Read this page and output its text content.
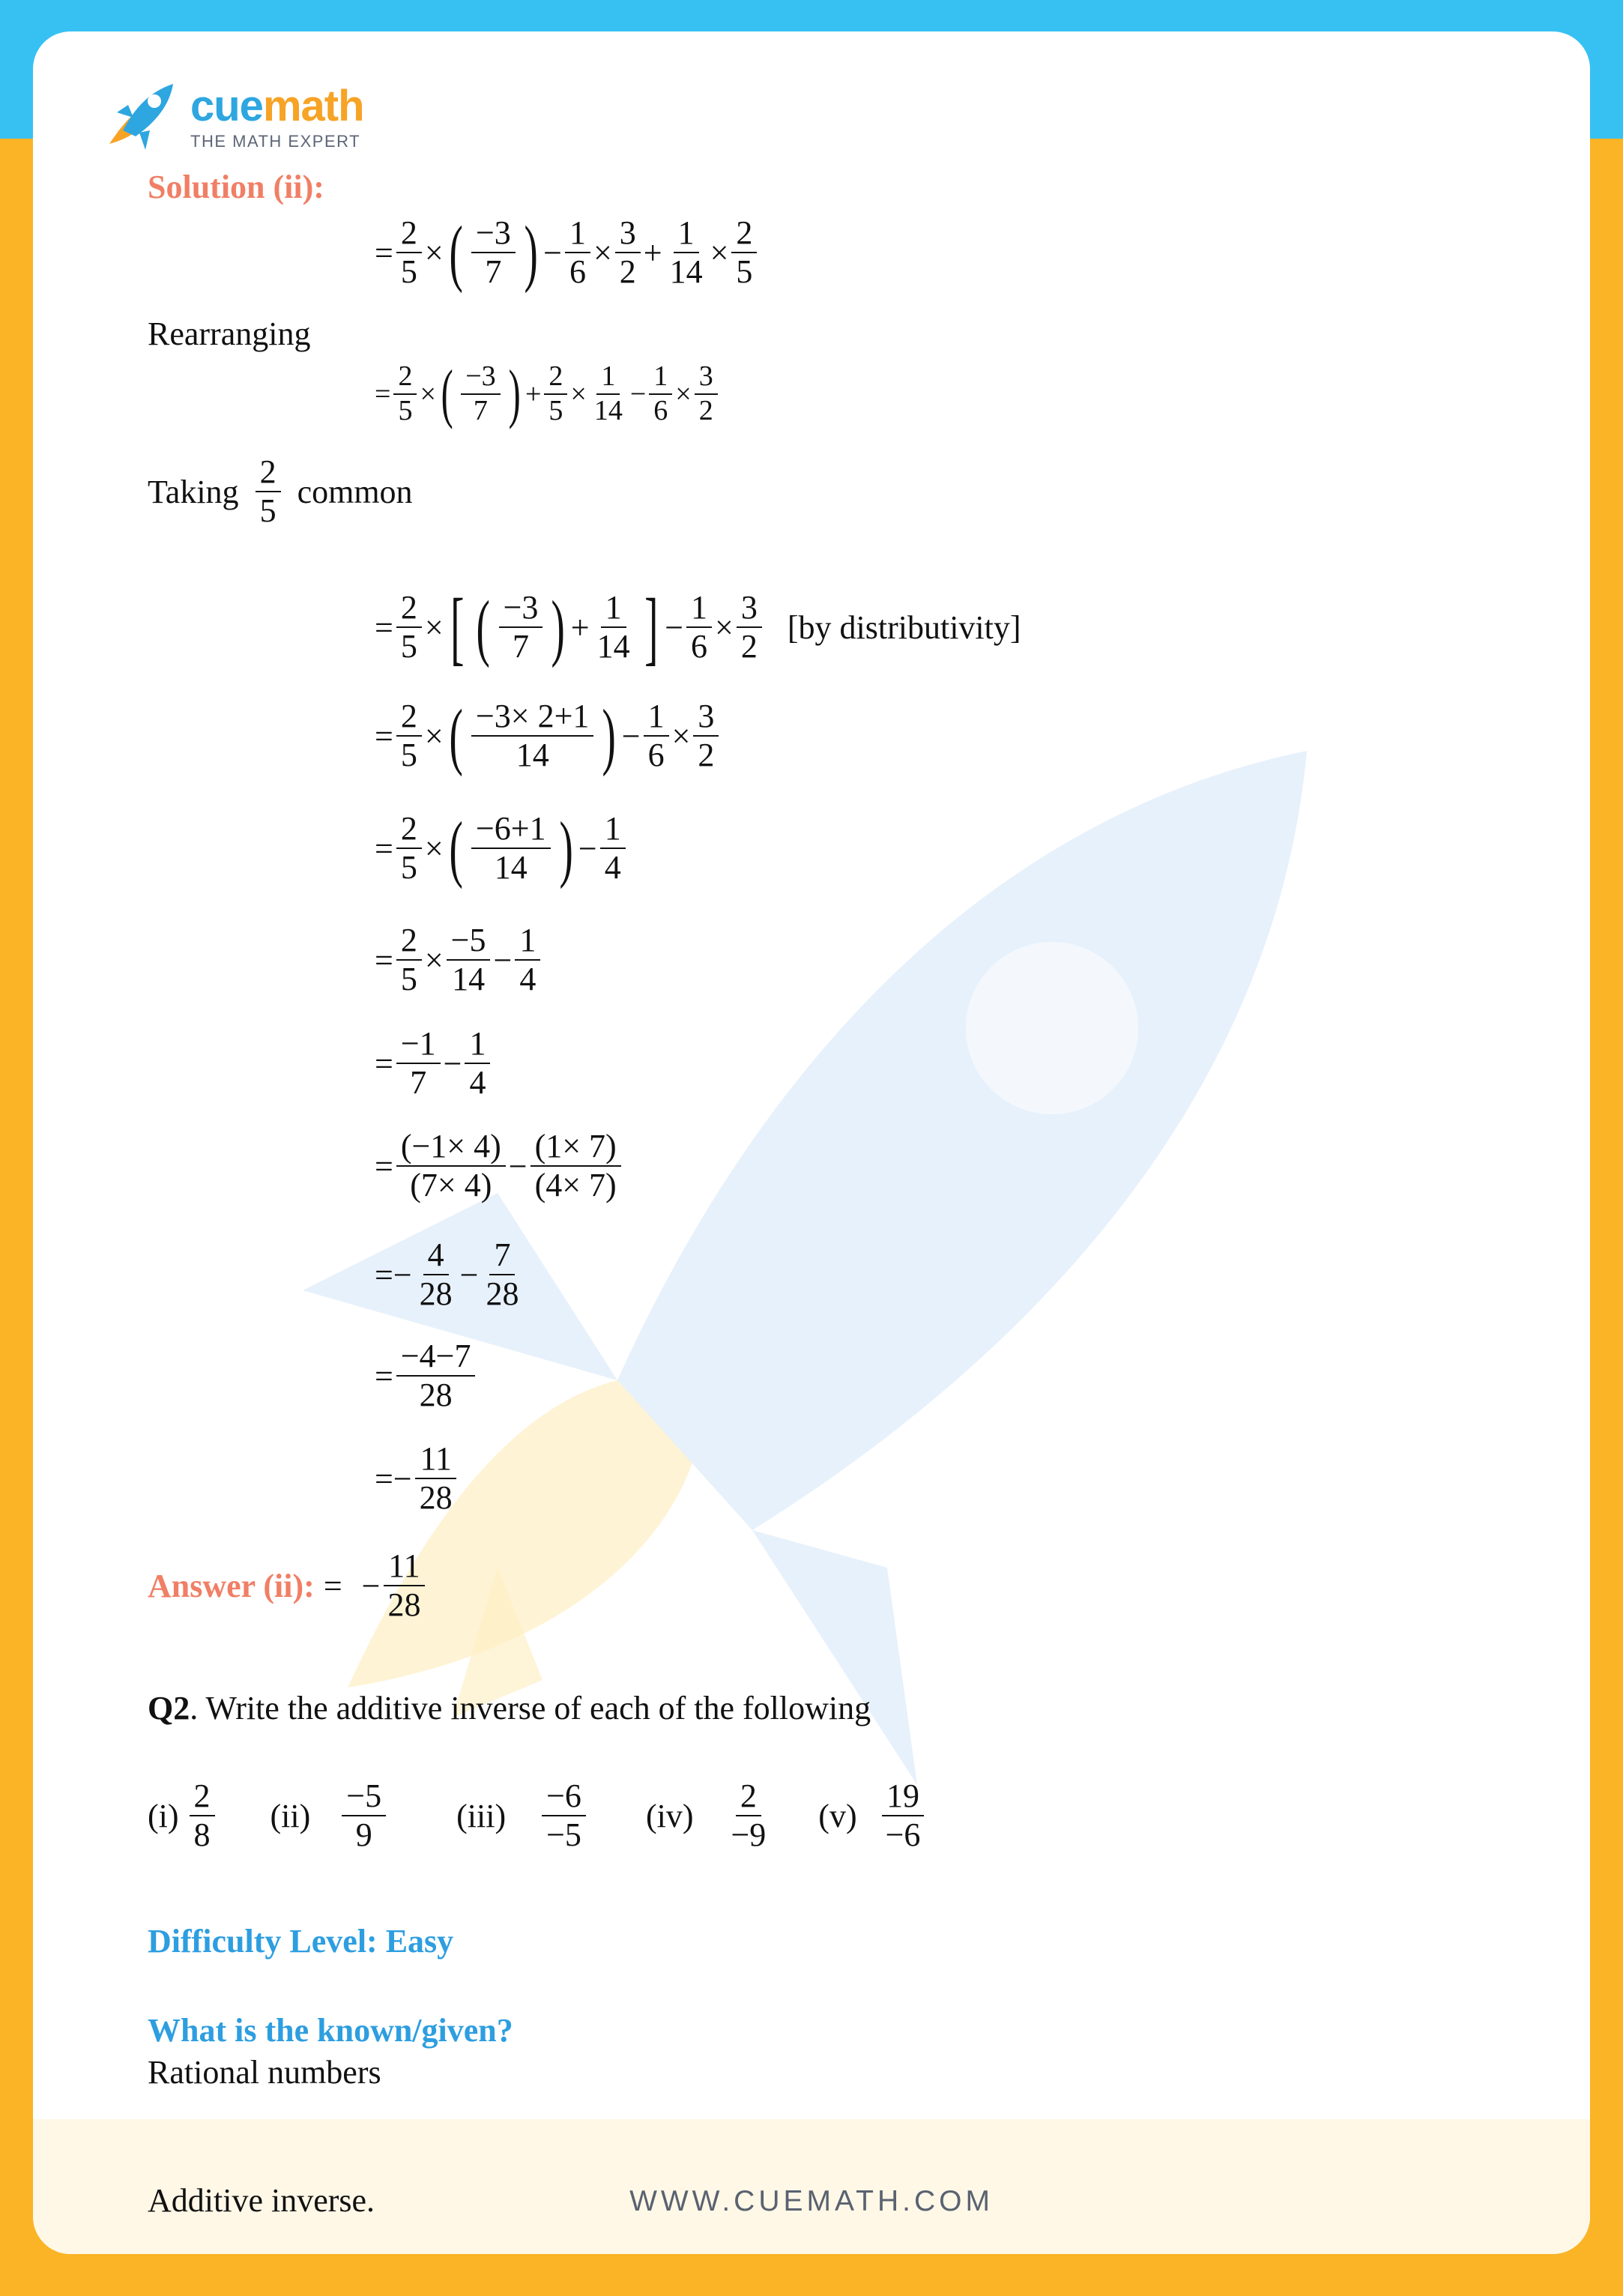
cuemath
THE MATH EXPERT
Solution (ii):
= $\frac{2}{5}$ × ( $\frac{-3}{7}$ ) − $\frac{1}{6} \times \frac{3}{2} + \frac{1}{14} \times \frac{2}{5}$
Rearranging
= $\frac{2}{5}$ × ( $\frac{-3}{7}$ ) + $\frac{2}{5} \times \frac{1}{14} - \frac{1}{6} \times \frac{3}{2}$
Taking $\frac{2}{5}$ common
= $\frac{2}{5}$ × [ ( $\frac{-3}{7}$ ) + $\frac{1}{14}$ ] − $\frac{1}{6} \times \frac{3}{2} [by$ distributivity]
= $\frac{2}{5}$ × ( $\frac{-3\times 2+1}{14}$ ) − $\frac{1}{6} \times \frac{3}{2}$
= $\frac{2}{5}$ × ( $\frac{-6+1}{14}$ ) − $\frac{1}{4}$
= $\frac{2}{5} \times \frac{-5}{14} - \frac{1}{4}$
= $\frac{-1}{7} - \frac{1}{4}$
= $\frac{(-1\times 4)}{(7\times 4)} - \frac{(1\times 7)}{(4\times 7)}$
= − $\frac{4}{28} - \frac{7}{28}$
= $\frac{-4-7}{28}$
= − $\frac{11}{28}$
Answer (ii): = − $\frac{11}{28}$
Q2 . Write the additive inverse of each of the following
$(i) \frac{2}{8} (ii) \frac{-5}{9} (iii) \frac{-6}{-5} (iv) \frac{2}{-9} (v) \frac{19}{-6}$
Difficulty Level: Easy
What is the known/given?
Rational numbers
WWW.CUEMATH.COM
Additive inverse.
